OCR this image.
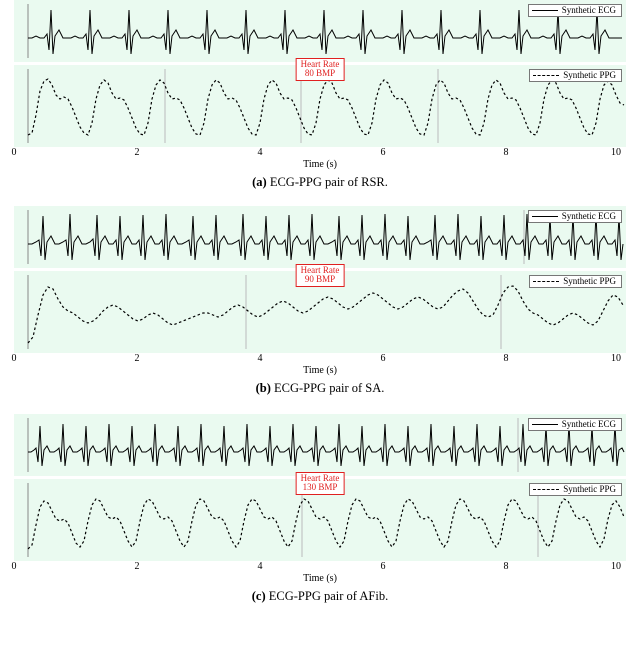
Synthetic ECG
Synthetic PPG
Heart Rate
80 BMP
0	2	4	6	8	10
Time (s)
(a) ECG-PPG pair of RSR.
Synthetic ECG
Synthetic PPG
Heart Rate
90 BMP
0	2	4	6	8	10
Time (s)
(b) ECG-PPG pair of SA.
Synthetic ECG
Synthetic PPG
Heart Rate
130 BMP
0	2	4	6	8	10
Time (s)
(c) ECG-PPG pair of AFib.
